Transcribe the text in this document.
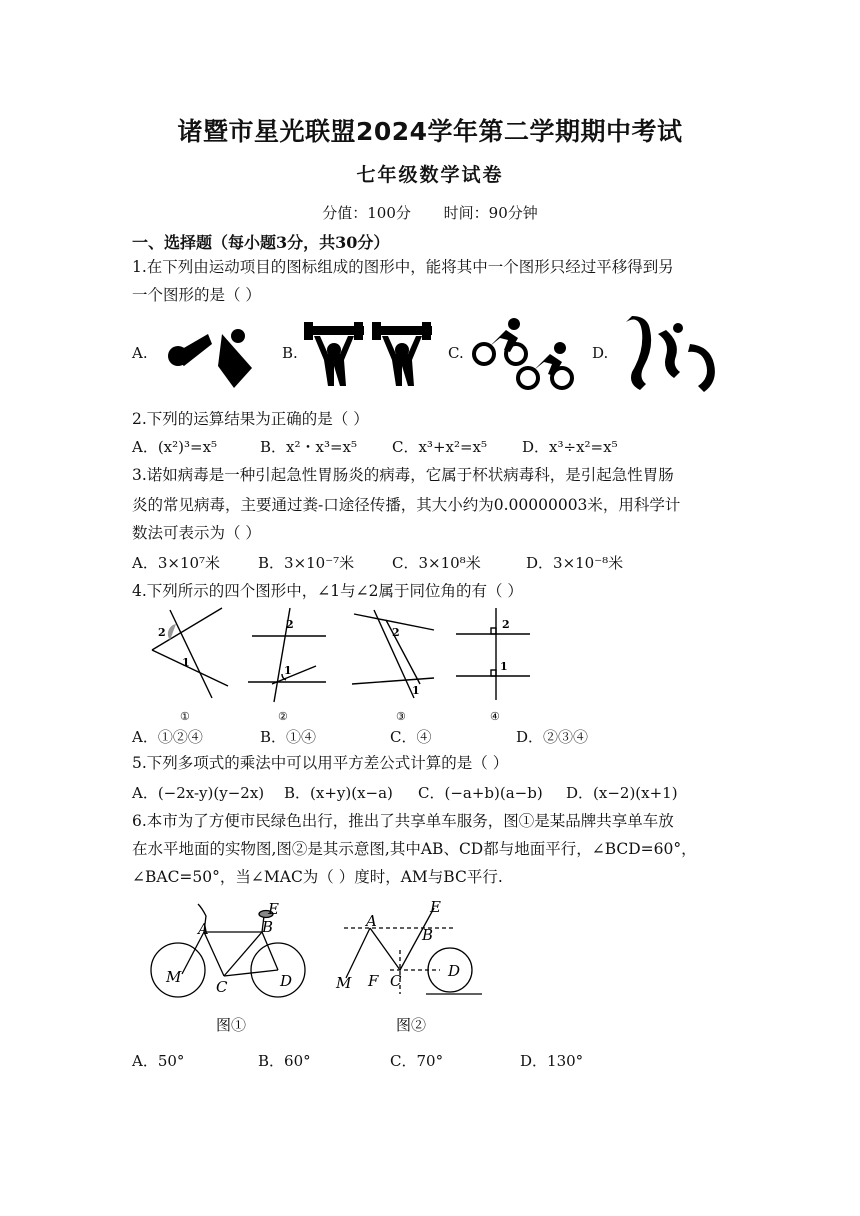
诸暨市星光联盟2024学年第二学期期中考试
七年级数学试卷
分值：100分 时间：90分钟
一、选择题（每小题3分，共30分）
1.在下列由运动项目的图标组成的图形中，能将其中一个图形只经过平移得到另
一个图形的是（ ）
A.	B.	C.	D.
2.下列的运算结果为正确的是（ ）
A．(x²)³=x⁵	B．x²・x³=x⁵ C．x³+x²=x⁵ D．x³÷x²=x⁵
3.诺如病毒是一种引起急性胃肠炎的病毒，它属于杯状病毒科，是引起急性胃肠
炎的常见病毒，主要通过粪-口途径传播，其大小约为0.00000003米，用科学计
数法可表示为（ ）
A．3×10⁷米	B．3×10⁻⁷米	C．3×10⁸米	D．3×10⁻⁸米
4.下列所示的四个图形中，∠1与∠2属于同位角的有（ ）
2
1
①
2
1
②
2
1
③
2
1
④
A．①②④	B．①④	C．④	D．②③④
5.下列多项式的乘法中可以用平方差公式计算的是（ ）
A．(−2x-y)(y−2x) B．(x+y)(x−a) C．(−a+b)(a−b) D．(x−2)(x+1)
6.本市为了方便市民绿色出行，推出了共享单车服务，图①是某品牌共享单车放
在水平地面的实物图,图②是其示意图,其中AB、CD都与地面平行，∠BCD=60°，
∠BAC=50°，当∠MAC为（ ）度时，AM与BC平行.
A	B
C	D
E
M
图①
A
B
C
D
E
F
M
图②
A．50°	B．60°	C．70°	D．130°
